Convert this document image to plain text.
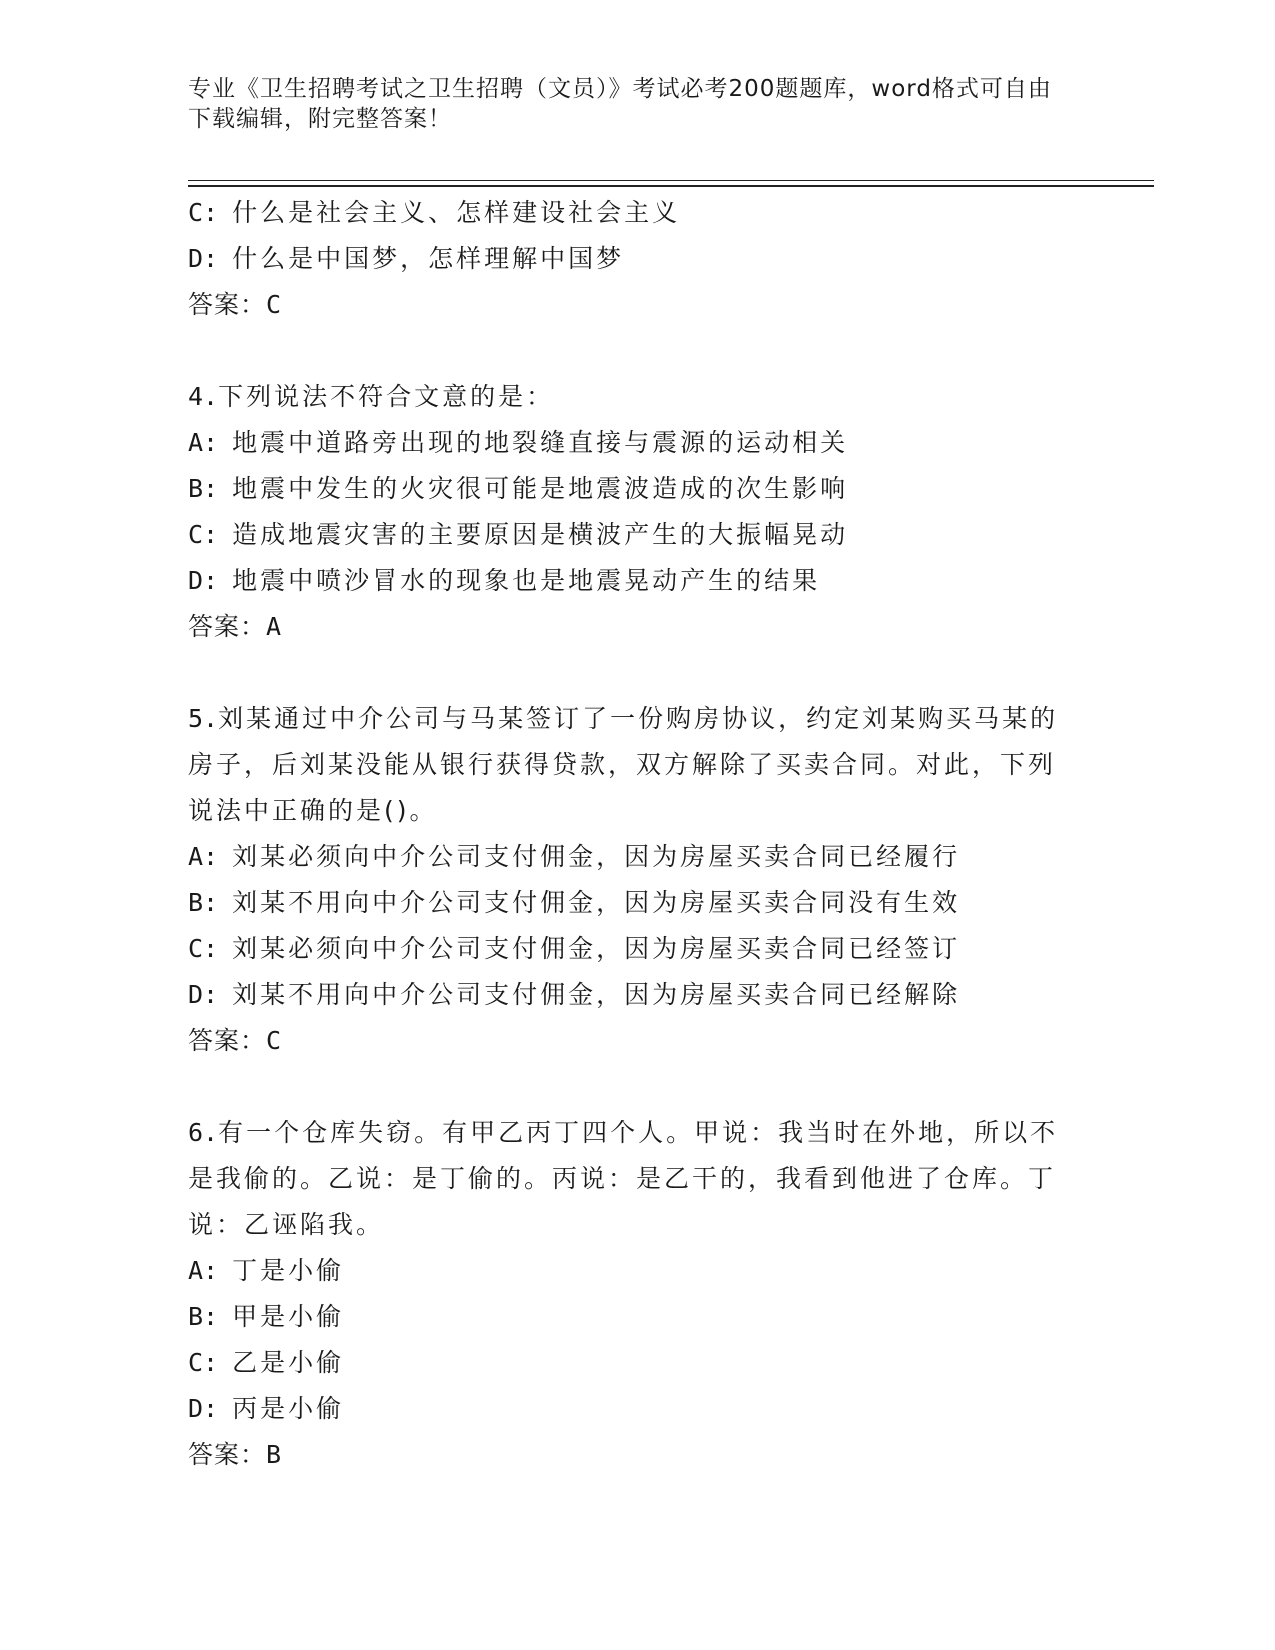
专业《卫生招聘考试之卫生招聘（文员）》考试必考200题题库，word格式可自由下载编辑，附完整答案！
C: 什么是社会主义、怎样建设社会主义
D: 什么是中国梦，怎样理解中国梦
答案：C
4.下列说法不符合文意的是：
A: 地震中道路旁出现的地裂缝直接与震源的运动相关
B: 地震中发生的火灾很可能是地震波造成的次生影响
C: 造成地震灾害的主要原因是横波产生的大振幅晃动
D: 地震中喷沙冒水的现象也是地震晃动产生的结果
答案：A
5.刘某通过中介公司与马某签订了一份购房协议，约定刘某购买马某的房子，后刘某没能从银行获得贷款，双方解除了买卖合同。对此，下列说法中正确的是()。
A: 刘某必须向中介公司支付佣金，因为房屋买卖合同已经履行
B: 刘某不用向中介公司支付佣金，因为房屋买卖合同没有生效
C: 刘某必须向中介公司支付佣金，因为房屋买卖合同已经签订
D: 刘某不用向中介公司支付佣金，因为房屋买卖合同已经解除
答案：C
6.有一个仓库失窃。有甲乙丙丁四个人。甲说：我当时在外地，所以不是我偷的。乙说：是丁偷的。丙说：是乙干的，我看到他进了仓库。丁说：乙诬陷我。
A: 丁是小偷
B: 甲是小偷
C: 乙是小偷
D: 丙是小偷
答案：B
